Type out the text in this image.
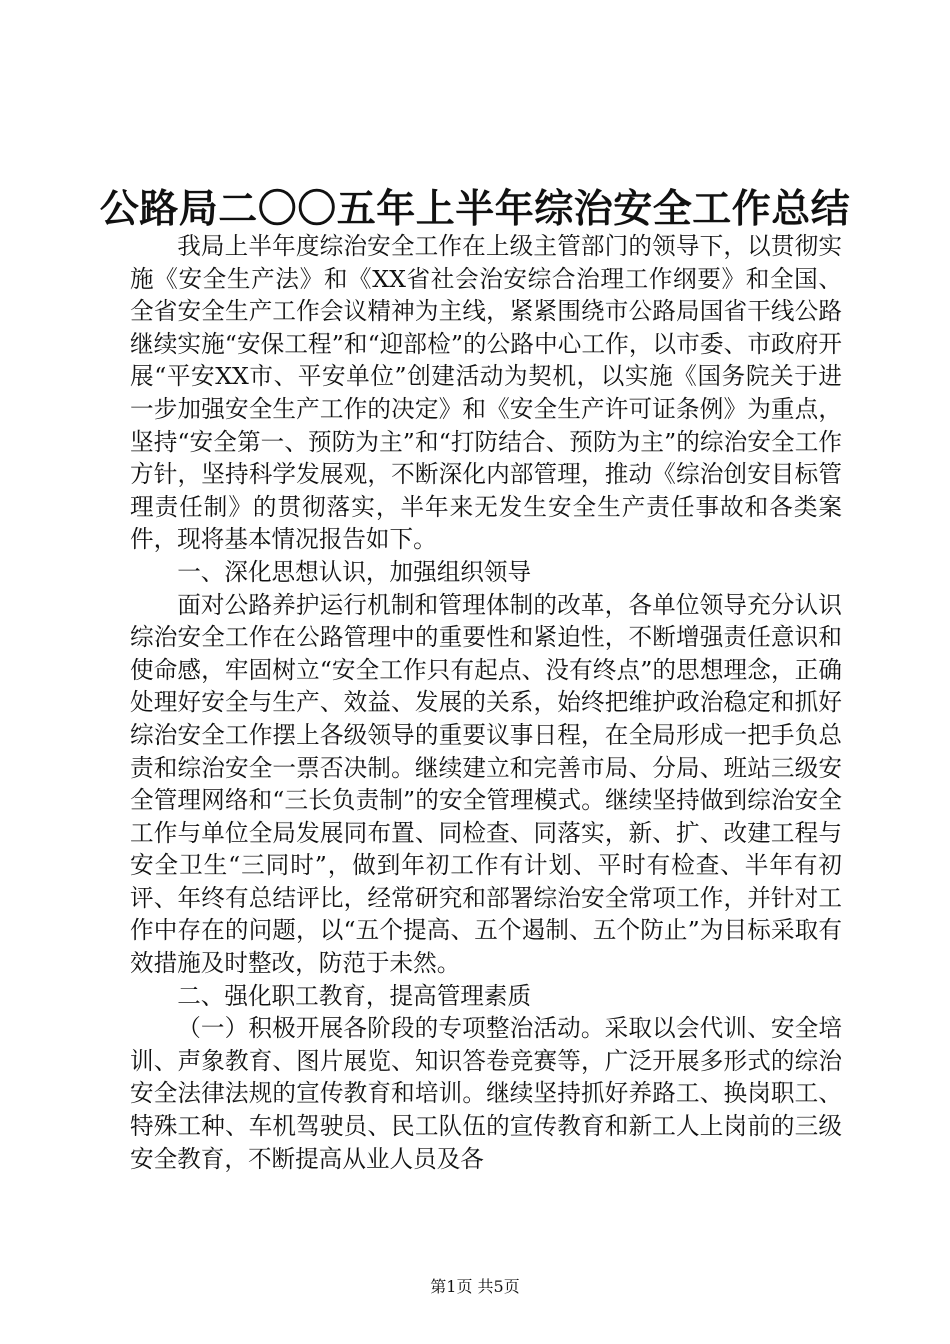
公路局二〇〇五年上半年综治安全工作总结

我局上半年度综治安全工作在上级主管部门的领导下，以贯彻实施《安全生产法》和《XX省社会治安综合治理工作纲要》和全国、全省安全生产工作会议精神为主线，紧紧围绕市公路局国省干线公路继续实施“安保工程”和“迎部检”的公路中心工作，以市委、市政府开展“平安XX市、平安单位”创建活动为契机，以实施《国务院关于进一步加强安全生产工作的决定》和《安全生产许可证条例》为重点，坚持“安全第一、预防为主”和“打防结合、预防为主”的综治安全工作方针，坚持科学发展观，不断深化内部管理，推动《综治创安目标管理责任制》的贯彻落实，半年来无发生安全生产责任事故和各类案件，现将基本情况报告如下。

一、深化思想认识，加强组织领导

面对公路养护运行机制和管理体制的改革，各单位领导充分认识综治安全工作在公路管理中的重要性和紧迫性，不断增强责任意识和使命感，牢固树立“安全工作只有起点、没有终点”的思想理念，正确处理好安全与生产、效益、发展的关系，始终把维护政治稳定和抓好综治安全工作摆上各级领导的重要议事日程，在全局形成一把手负总责和综治安全一票否决制。继续建立和完善市局、分局、班站三级安全管理网络和“三长负责制”的安全管理模式。继续坚持做到综治安全工作与单位全局发展同布置、同检查、同落实，新、扩、改建工程与安全卫生“三同时”，做到年初工作有计划、平时有检查、半年有初评、年终有总结评比，经常研究和部署综治安全常项工作，并针对工作中存在的问题，以“五个提高、五个遏制、五个防止”为目标采取有效措施及时整改，防范于未然。

二、强化职工教育，提高管理素质

（一）积极开展各阶段的专项整治活动。采取以会代训、安全培训、声象教育、图片展览、知识答卷竞赛等，广泛开展多形式的综治安全法律法规的宣传教育和培训。继续坚持抓好养路工、换岗职工、特殊工种、车机驾驶员、民工队伍的宣传教育和新工人上岗前的三级安全教育，不断提高从业人员及各

第1页 共5页
